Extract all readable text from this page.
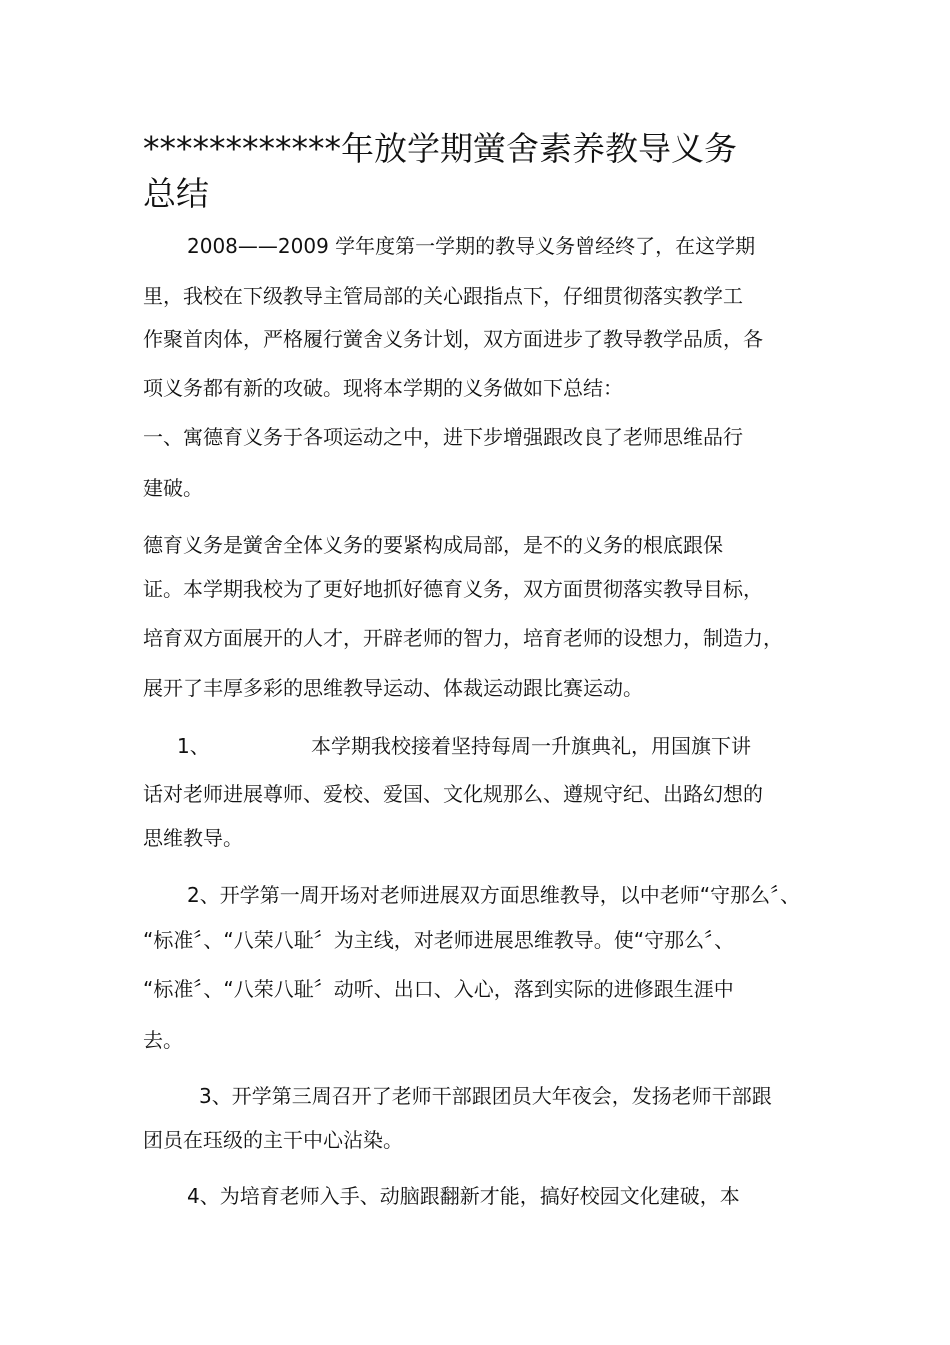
************年放学期黉舍素养教导义务
总结

2008——2009 学年度第一学期的教导义务曾经终了，在这学期

里，我校在下级教导主管局部的关心跟指点下，仔细贯彻落实教学工

作聚首肉体，严格履行黉舍义务计划，双方面进步了教导教学品质，各

项义务都有新的攻破。现将本学期的义务做如下总结：

一、寓德育义务于各项运动之中，进下步增强跟改良了老师思维品行

建破。

德育义务是黉舍全体义务的要紧构成局部，是不的义务的根底跟保

证。本学期我校为了更好地抓好德育义务，双方面贯彻落实教导目标，

培育双方面展开的人才，开辟老师的智力，培育老师的设想力，制造力，

展开了丰厚多彩的思维教导运动、体裁运动跟比赛运动。

1、	本学期我校接着坚持每周一升旗典礼，用国旗下讲

话对老师进展尊师、爱校、爱国、文化规那么、遵规守纪、出路幻想的

思维教导。

2、开学第一周开场对老师进展双方面思维教导，以中老师“守那么〞、

“标准〞、“八荣八耻〞为主线，对老师进展思维教导。使“守那么〞、

“标准〞、“八荣八耻〞动听、出口、入心，落到实际的进修跟生涯中

去。

3、开学第三周召开了老师干部跟团员大年夜会，发扬老师干部跟

团员在珏级的主干中心沾染。

4、为培育老师入手、动脑跟翻新才能，搞好校园文化建破，本
